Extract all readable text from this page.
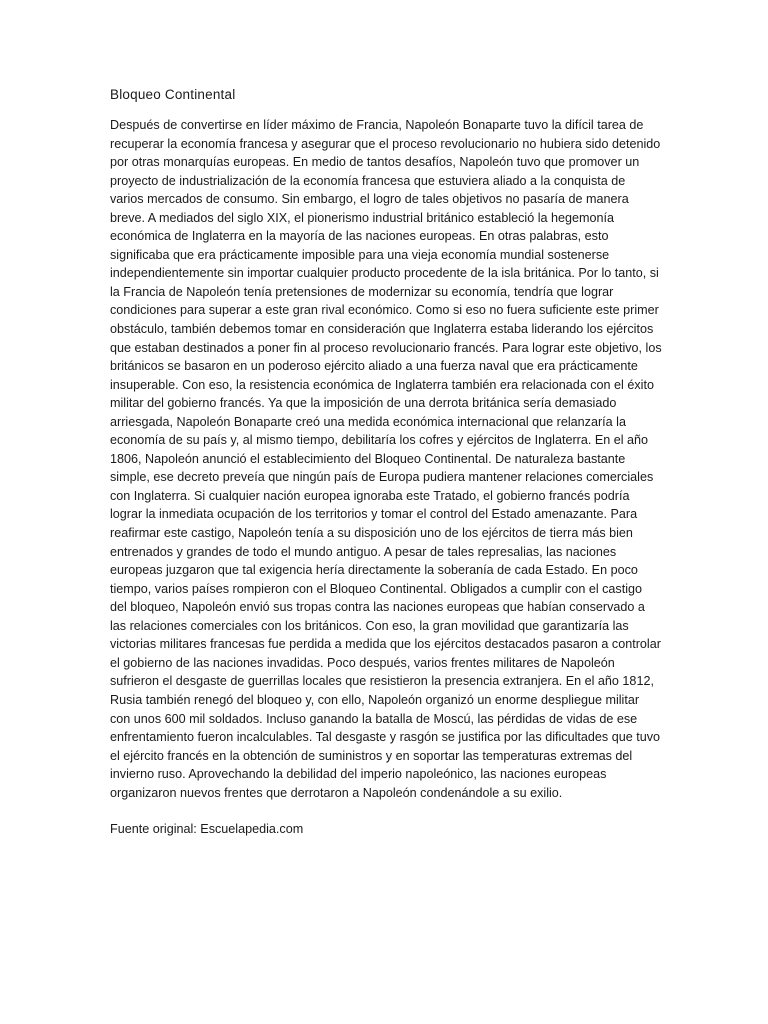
Bloqueo Continental

Después de convertirse en líder máximo de Francia, Napoleón Bonaparte tuvo la difícil tarea de recuperar la economía francesa y asegurar que el proceso revolucionario no hubiera sido detenido por otras monarquías europeas. En medio de tantos desafíos, Napoleón tuvo que promover un proyecto de industrialización de la economía francesa que estuviera aliado a la conquista de varios mercados de consumo. Sin embargo, el logro de tales objetivos no pasaría de manera breve. A mediados del siglo XIX, el pionerismo industrial británico estableció la hegemonía económica de Inglaterra en la mayoría de las naciones europeas. En otras palabras, esto significaba que era prácticamente imposible para una vieja economía mundial sostenerse independientemente sin importar cualquier producto procedente de la isla británica. Por lo tanto, si la Francia de Napoleón tenía pretensiones de modernizar su economía, tendría que lograr condiciones para superar a este gran rival económico. Como si eso no fuera suficiente este primer obstáculo, también debemos tomar en consideración que Inglaterra estaba liderando los ejércitos que estaban destinados a poner fin al proceso revolucionario francés. Para lograr este objetivo, los británicos se basaron en un poderoso ejército aliado a una fuerza naval que era prácticamente insuperable. Con eso, la resistencia económica de Inglaterra también era relacionada con el éxito militar del gobierno francés. Ya que la imposición de una derrota británica sería demasiado arriesgada, Napoleón Bonaparte creó una medida económica internacional que relanzaría la economía de su país y, al mismo tiempo, debilitaría los cofres y ejércitos de Inglaterra. En el año 1806, Napoleón anunció el establecimiento del Bloqueo Continental. De naturaleza bastante simple, ese decreto preveía que ningún país de Europa pudiera mantener relaciones comerciales con Inglaterra. Si cualquier nación europea ignoraba este Tratado, el gobierno francés podría lograr la inmediata ocupación de los territorios y tomar el control del Estado amenazante. Para reafirmar este castigo, Napoleón tenía a su disposición uno de los ejércitos de tierra más bien entrenados y grandes de todo el mundo antiguo. A pesar de tales represalias, las naciones europeas juzgaron que tal exigencia hería directamente la soberanía de cada Estado. En poco tiempo, varios países rompieron con el Bloqueo Continental. Obligados a cumplir con el castigo del bloqueo, Napoleón envió sus tropas contra las naciones europeas que habían conservado a las relaciones comerciales con los británicos. Con eso, la gran movilidad que garantizaría las victorias militares francesas fue perdida a medida que los ejércitos destacados pasaron a controlar el gobierno de las naciones invadidas. Poco después, varios frentes militares de Napoleón sufrieron el desgaste de guerrillas locales que resistieron la presencia extranjera. En el año 1812, Rusia también renegó del bloqueo y, con ello, Napoleón organizó un enorme despliegue militar con unos 600 mil soldados. Incluso ganando la batalla de Moscú, las pérdidas de vidas de ese enfrentamiento fueron incalculables. Tal desgaste y rasgón se justifica por las dificultades que tuvo el ejército francés en la obtención de suministros y en soportar las temperaturas extremas del invierno ruso. Aprovechando la debilidad del imperio napoleónico, las naciones europeas organizaron nuevos frentes que derrotaron a Napoleón condenándole a su exilio.

Fuente original: Escuelapedia.com
